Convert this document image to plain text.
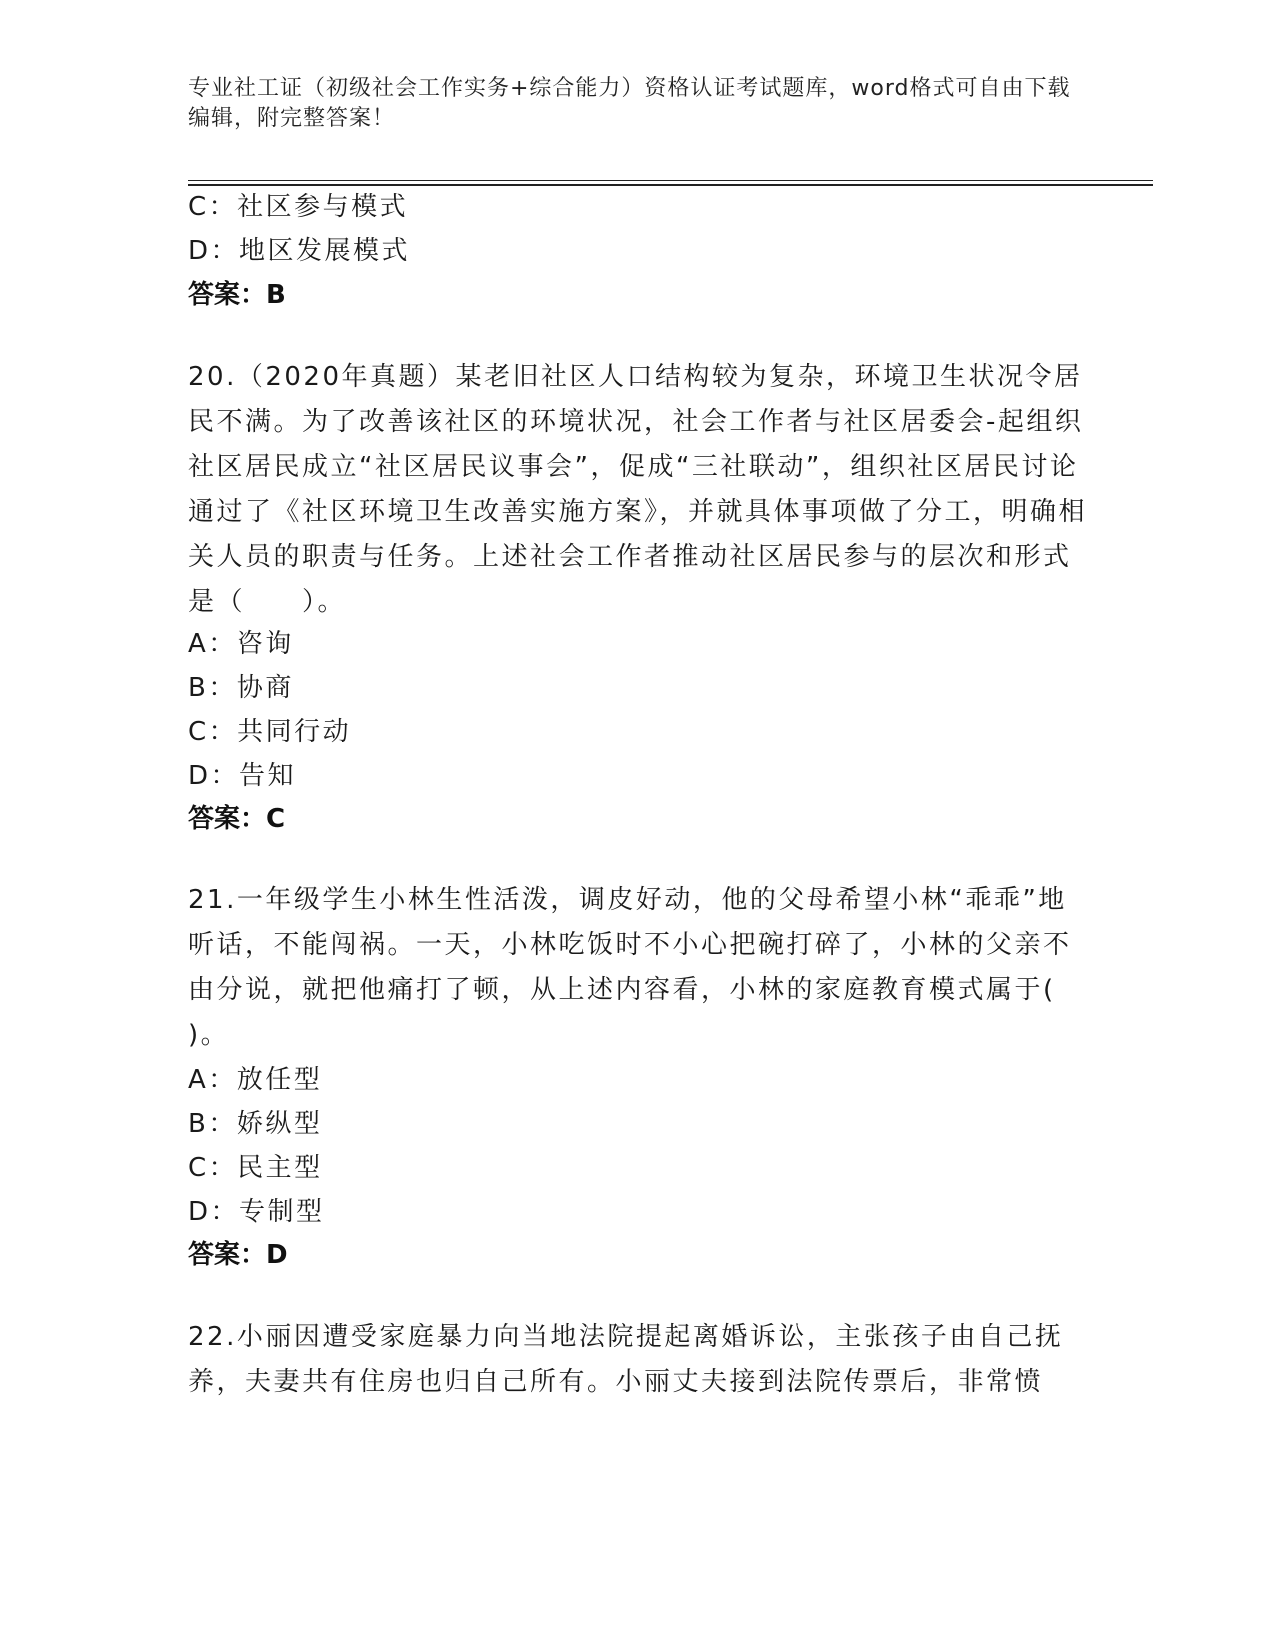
专业社工证（初级社会工作实务+综合能力）资格认证考试题库，word格式可自由下载编辑，附完整答案！
C：社区参与模式
D：地区发展模式
答案：B
20.（2020年真题）某老旧社区人口结构较为复杂，环境卫生状况令居民不满。为了改善该社区的环境状况，社会工作者与社区居委会-起组织社区居民成立“社区居民议事会”，促成“三社联动”，组织社区居民讨论通过了《社区环境卫生改善实施方案》，并就具体事项做了分工，明确相关人员的职责与任务。上述社会工作者推动社区居民参与的层次和形式是（　　）。
A：咨询
B：协商
C：共同行动
D：告知
答案：C
21.一年级学生小林生性活泼，调皮好动，他的父母希望小林“乖乖”地听话，不能闯祸。一天，小林吃饭时不小心把碗打碎了，小林的父亲不由分说，就把他痛打了顿，从上述内容看，小林的家庭教育模式属于( )。
A：放任型
B：娇纵型
C：民主型
D：专制型
答案：D
22.小丽因遭受家庭暴力向当地法院提起离婚诉讼，主张孩子由自己抚养，夫妻共有住房也归自己所有。小丽丈夫接到法院传票后，非常愤
